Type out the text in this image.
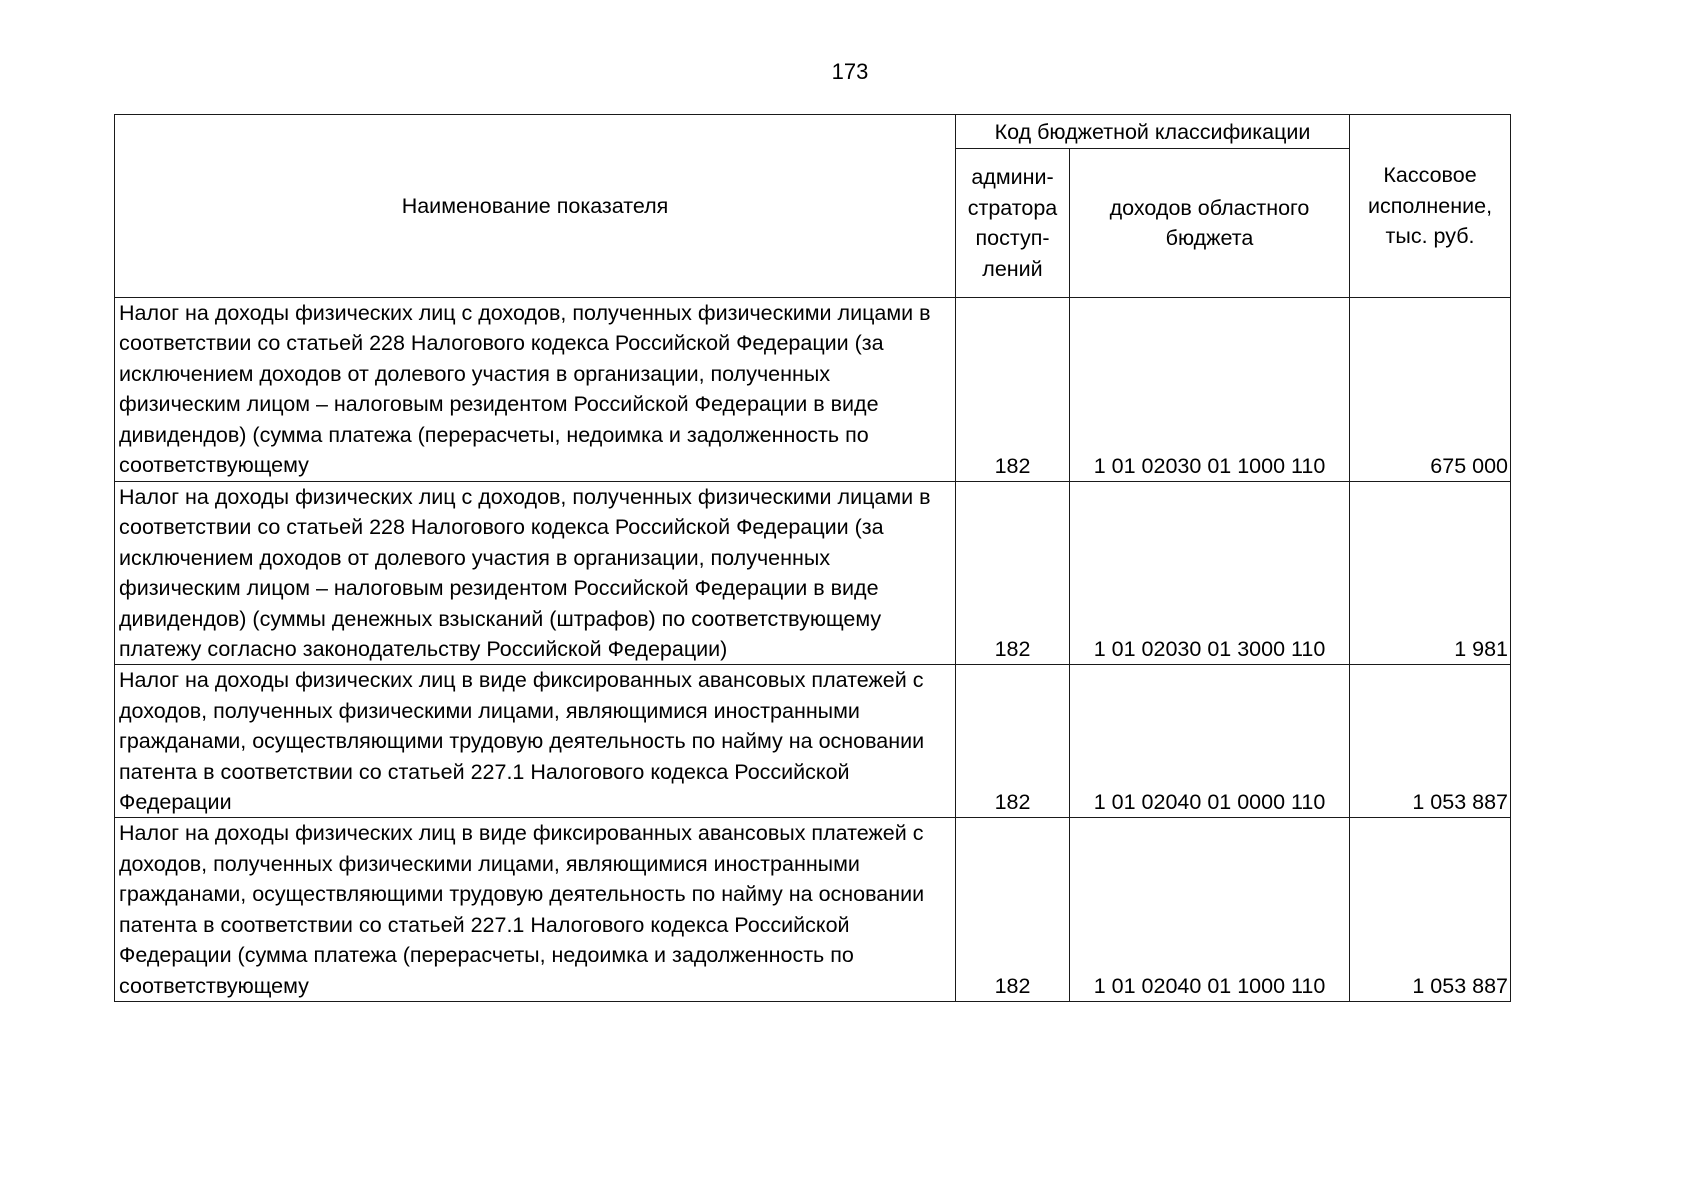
173
Наименование показателя	Код бюджетной классификации		Кассовое исполнение, тыс. руб.
	админи-стратора поступ-лений	доходов областного бюджета	

Налог на доходы физических лиц с доходов, полученных физическими лицами в соответствии со статьей 228 Налогового кодекса Российской Федерации (за исключением доходов от долевого участия в организации, полученных физическим лицом – налоговым резидентом Российской Федерации в виде дивидендов) (сумма платежа (перерасчеты, недоимка и задолженность по соответствующему	182	1 01 02030 01 1000 110	675 000
Налог на доходы физических лиц с доходов, полученных физическими лицами в соответствии со статьей 228 Налогового кодекса Российской Федерации (за исключением доходов от долевого участия в организации, полученных физическим лицом – налоговым резидентом Российской Федерации в виде дивидендов) (суммы денежных взысканий (штрафов) по соответствующему платежу согласно законодательству Российской Федерации)	182	1 01 02030 01 3000 110	1 981
Налог на доходы физических лиц в виде фиксированных авансовых платежей с доходов, полученных физическими лицами, являющимися иностранными гражданами, осуществляющими трудовую деятельность по найму на основании патента в соответствии со статьей 227.1 Налогового кодекса Российской Федерации	182	1 01 02040 01 0000 110	1 053 887

Налог на доходы физических лиц в виде фиксированных авансовых платежей с доходов, полученных физическими лицами, являющимися иностранными гражданами, осуществляющими трудовую деятельность по найму на основании патента в соответствии со статьей 227.1 Налогового кодекса Российской Федерации (сумма платежа (перерасчеты, недоимка и задолженность по соответствующему	182	1 01 02040 01 1000 110	1 053 887
